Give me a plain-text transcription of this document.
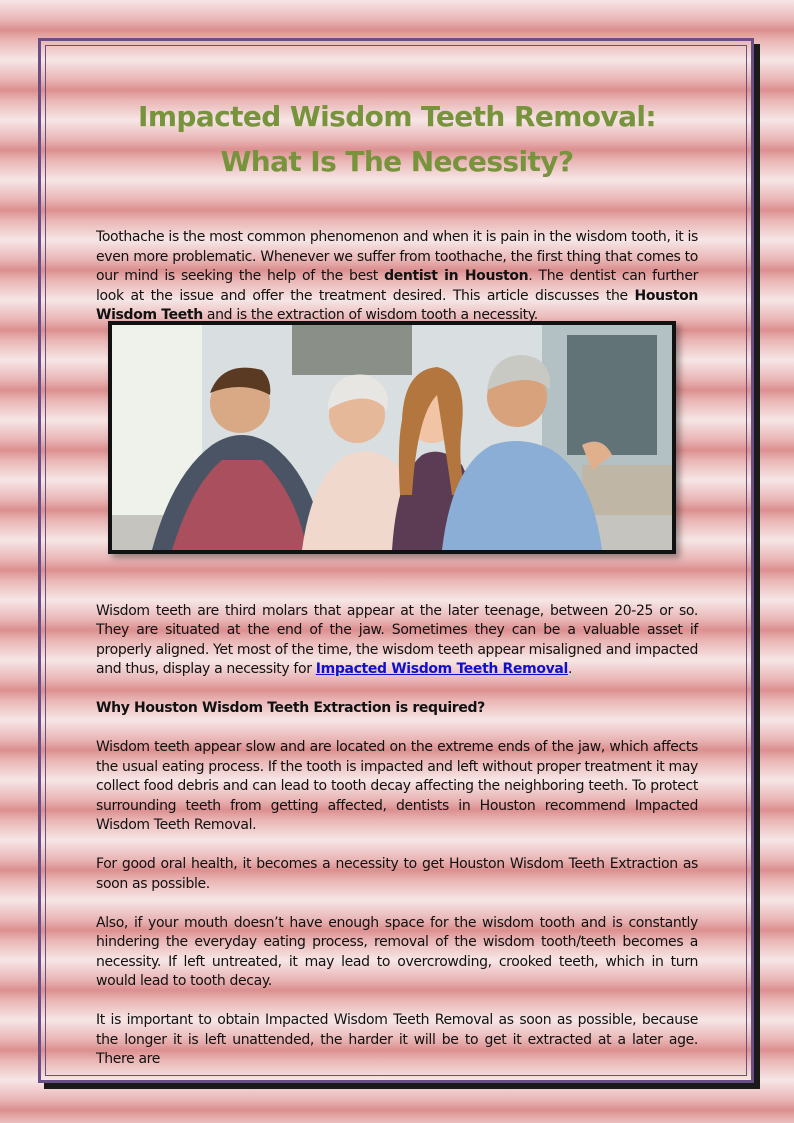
Impacted Wisdom Teeth Removal: What Is The Necessity?

Toothache is the most common phenomenon and when it is pain in the wisdom tooth, it is even more problematic. Whenever we suffer from toothache, the first thing that comes to our mind is seeking the help of the best dentist in Houston. The dentist can further look at the issue and offer the treatment desired. This article discusses the Houston Wisdom Teeth and is the extraction of wisdom tooth a necessity.

Wisdom teeth are third molars that appear at the later teenage, between 20-25 or so. They are situated at the end of the jaw. Sometimes they can be a valuable asset if properly aligned. Yet most of the time, the wisdom teeth appear misaligned and impacted and thus, display a necessity for Impacted Wisdom Teeth Removal.

Why Houston Wisdom Teeth Extraction is required?

Wisdom teeth appear slow and are located on the extreme ends of the jaw, which affects the usual eating process. If the tooth is impacted and left without proper treatment it may collect food debris and can lead to tooth decay affecting the neighboring teeth. To protect surrounding teeth from getting affected, dentists in Houston recommend Impacted Wisdom Teeth Removal.

For good oral health, it becomes a necessity to get Houston Wisdom Teeth Extraction as soon as possible.

Also, if your mouth doesn’t have enough space for the wisdom tooth and is constantly hindering the everyday eating process, removal of the wisdom tooth/teeth becomes a necessity. If left untreated, it may lead to overcrowding, crooked teeth, which in turn would lead to tooth decay.

It is important to obtain Impacted Wisdom Teeth Removal as soon as possible, because the longer it is left unattended, the harder it will be to get it extracted at a later age. There are
